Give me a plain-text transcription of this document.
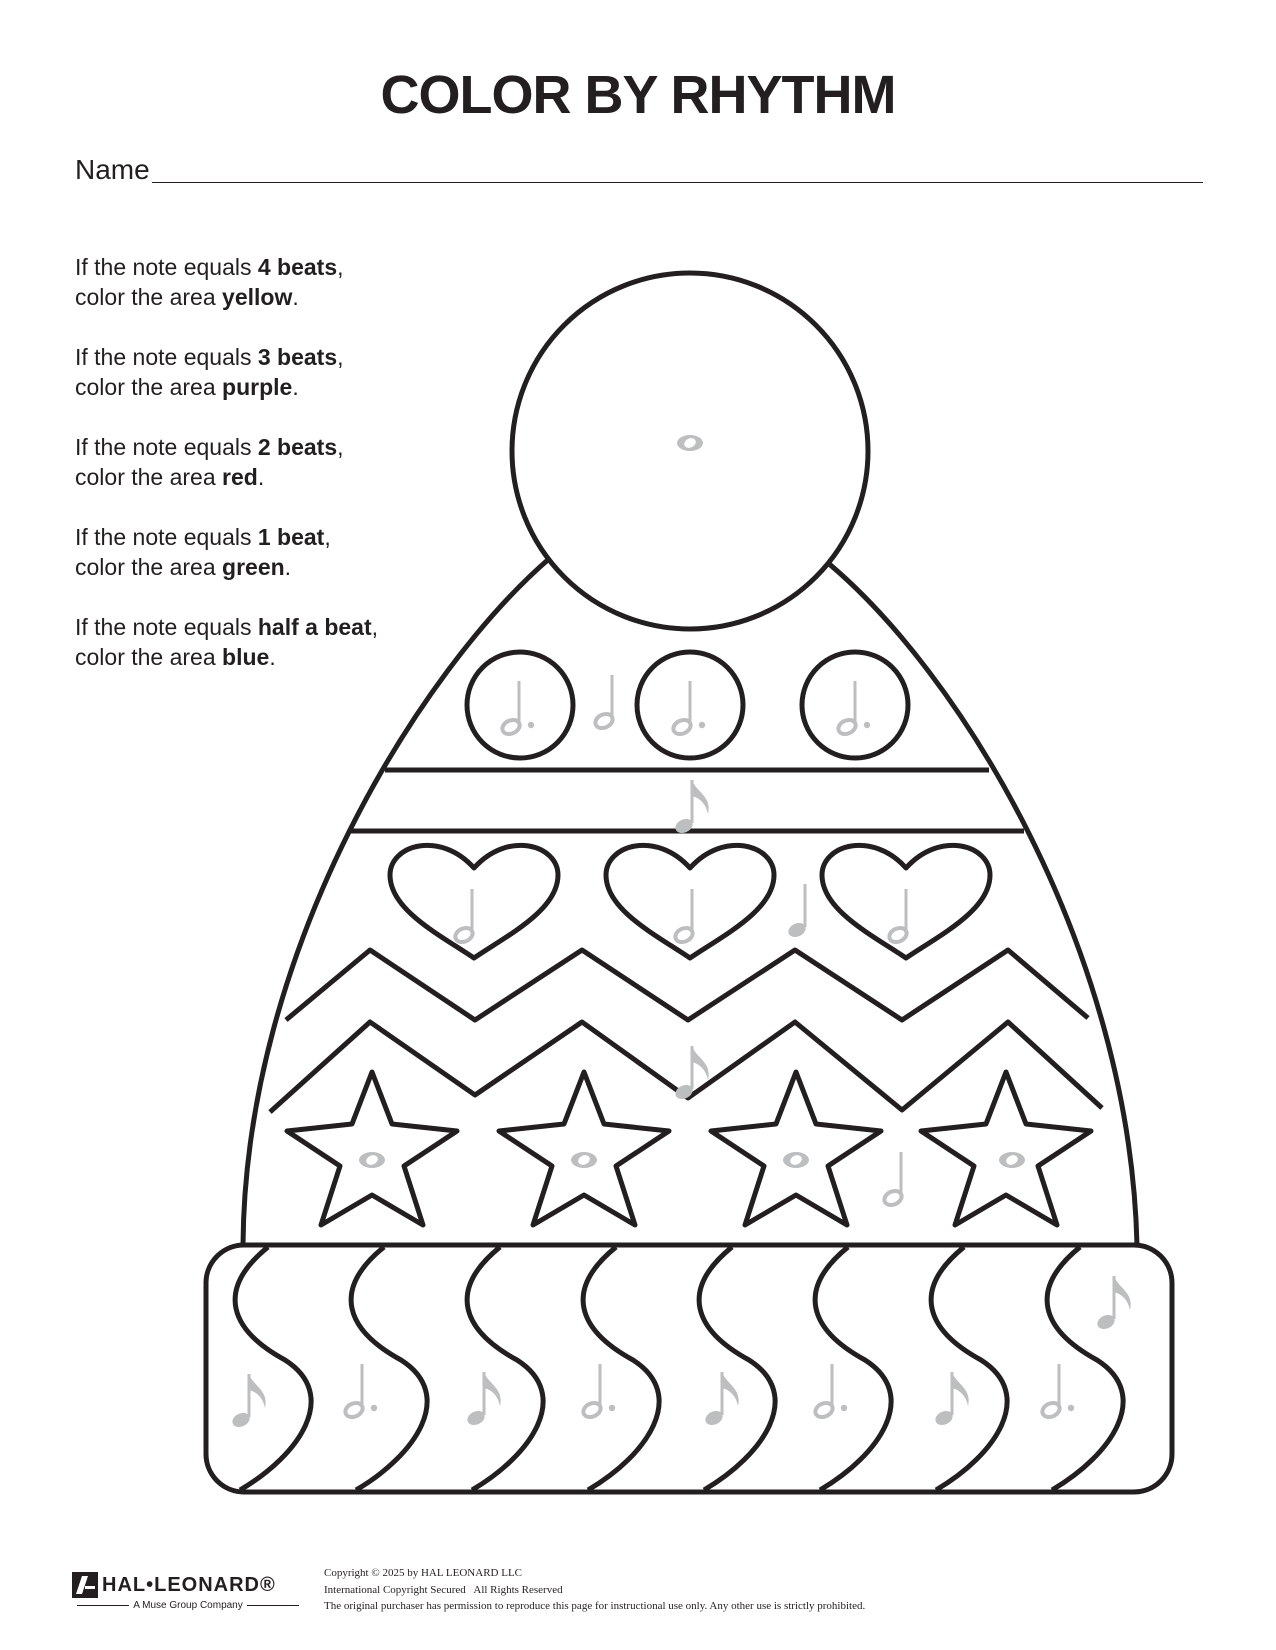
COLOR BY RHYTHM
Name

If the note equals 4 beats,
color the area yellow.

If the note equals 3 beats,
color the area purple.

If the note equals 2 beats,
color the area red.

If the note equals 1 beat,
color the area green.

If the note equals half a beat,
color the area blue.

HAL•LEONARD®
A Muse Group Company
Copyright © 2025 by HAL LEONARD LLC
International Copyright Secured   All Rights Reserved
The original purchaser has permission to reproduce this page for instructional use only. Any other use is strictly prohibited.
